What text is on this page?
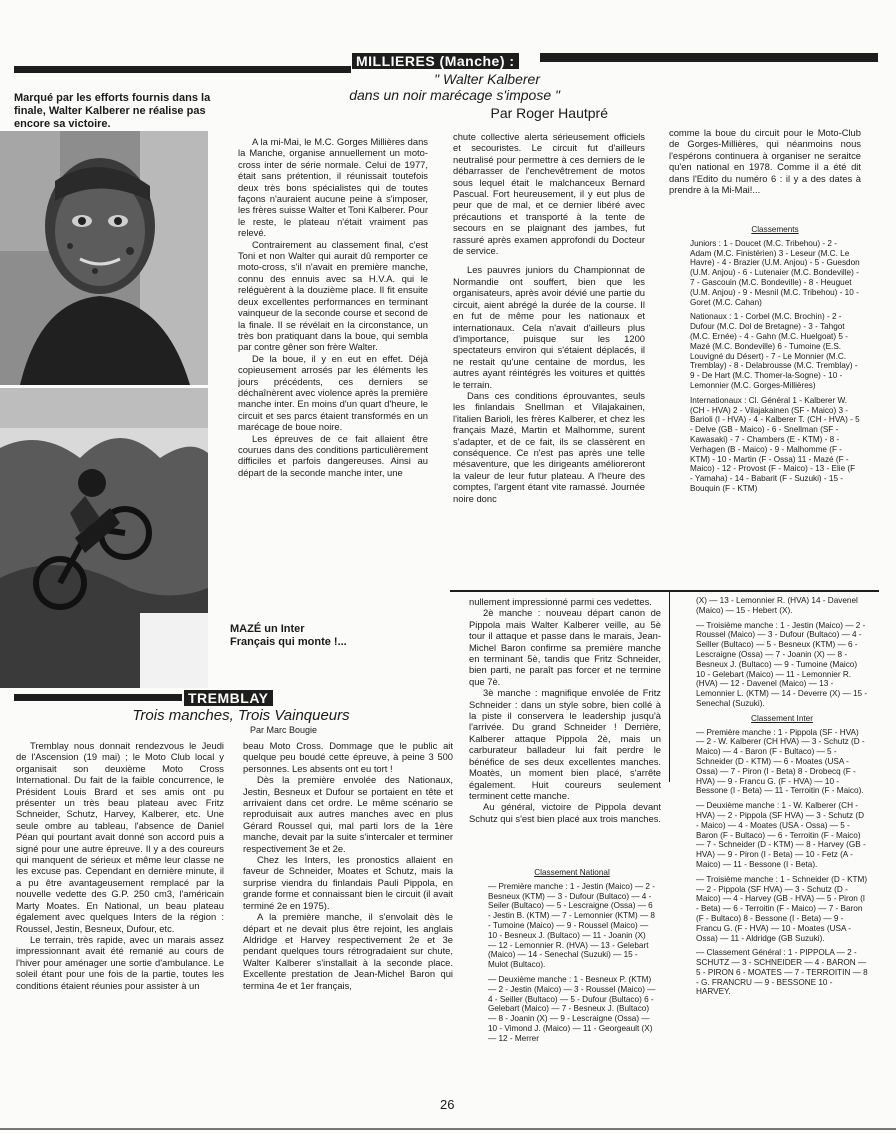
MILLIERES (Manche) :
" Walter Kalberer
dans un noir marécage s'impose "
Par Roger Hautpré
Marqué par les efforts fournis dans la finale, Walter Kalberer ne réalise pas encore sa victoire.
MAZÉ un Inter
Français qui monte !...

A la mi-Mai, le M.C. Gorges Millières dans la Manche, organise annuellement un moto-cross inter de série normale. Celui de 1977, était sans prétention, il réunissait toutefois deux très bons spécialistes qui de toutes façons n'auraient aucune peine à s'imposer, les frères suisse Walter et Toni Kalberer. Pour le reste, le plateau n'était vraiment pas relevé.

Contrairement au classement final, c'est Toni et non Walter qui aurait dû remporter ce moto-cross, s'il n'avait en première manche, connu des ennuis avec sa H.V.A. qui le reléguèrent à la douzième place. Il fit ensuite deux excellentes performances en terminant vainqueur de la seconde course et second de la finale. Il se révélait en la circonstance, un très bon pratiquant dans la boue, qui sembla par contre gêner son frère Walter.

De la boue, il y en eut en effet. Déjà copieusement arrosés par les éléments les jours précédents, ces derniers se déchaînèrent avec violence après la première manche inter. En moins d'un quart d'heure, le circuit et ses parcs étaient transformés en un marécage de boue noire.

Les épreuves de ce fait allaient être courues dans des conditions particulièrement difficiles et parfois dangereuses. Ainsi au départ de la seconde manche inter, une

chute collective alerta sérieusement officiels et secouristes. Le circuit fut d'ailleurs neutralisé pour permettre à ces derniers de le débarrasser de l'enchevêtrement de motos sous lequel était le malchanceux Bernard Pascual. Fort heureusement, il y eut plus de peur que de mal, et ce dernier libéré avec précautions et transporté à la tente de secours en se plaignant des jambes, fut rassuré après examen approfondi du Docteur de service.

Les pauvres juniors du Championnat de Normandie ont souffert, bien que les organisateurs, après avoir dévié une partie du circuit, aient abrégé la durée de la course. Il en fut de même pour les nationaux et internationaux. Cela n'avait d'ailleurs plus d'importance, puisque sur les 1200 spectateurs environ qui s'étaient déplacés, il ne restait qu'une centaine de mordus, les autres ayant réintégrés les voitures et quittés le terrain.

Dans ces conditions éprouvantes, seuls les finlandais Snellman et Vilajakainen, l'italien Barioli, les frères Kalberer, et chez les français Mazé, Martin et Malhomme, surent s'adapter, et de ce fait, ils se classèrent en conséquence. Ce n'est pas après une telle mésaventure, que les dirigeants amélioreront la valeur de leur futur plateau. A l'heure des comptes, l'argent étant vite ramassé. Journée noire donc

comme la boue du circuit pour le Moto-Club de Gorges-Millières, qui néanmoins nous l'espérons continuera à organiser ne seraitce qu'en national en 1978. Comme il a été dit dans l'Edito du numéro 6 : il y a des dates à prendre à la Mi-Mai!...

Classements

Juniors : 1 - Doucet (M.C. Tribehou) - 2 - Adam (M.C. Finistérien) 3 - Leseur (M.C. Le Havre) - 4 - Brazier (U.M. Anjou) - 5 - Guesdon (U.M. Anjou) - 6 - Lutenaier (M.C. Bondeville) - 7 - Gascouin (M.C. Bondeville) - 8 - Heuguet (U.M. Anjou) - 9 - Mesnil (M.C. Tribehou) - 10 - Goret (M.C. Cahan)

Nationaux : 1 - Corbel (M.C. Brochin) - 2 - Dufour (M.C. Dol de Bretagne) - 3 - Tahgot (M.C. Ernée) - 4 - Gahn (M.C. Huelgoat) 5 - Mazé (M.C. Bondeville) 6 - Tumoine (E.S. Louvigné du Désert) - 7 - Le Monnier (M.C. Tremblay) - 8 - Delabrousse (M.C. Tremblay) - 9 - De Hart (M.C. Thomer-la-Sogne) - 10 - Lemonnier (M.C. Gorges-Millières)

Internationaux : Cl. Général 1 - Kalberer W. (CH - HVA) 2 - Vilajakainen (SF - Maico) 3 - Barioli (I - HVA) - 4 - Kalberer T. (CH - HVA) - 5 - Delve (GB - Maico) - 6 - Snellman (SF - Kawasaki) - 7 - Chambers (E - KTM) - 8 - Verhagen (B - Maico) - 9 - Malhomme (F - KTM) - 10 - Martin (F - Ossa) 11 - Mazé (F - Maico) - 12 - Provost (F - Maico) - 13 - Elie (F - Yamaha) - 14 - Babarit (F - Suzuki) - 15 - Bouquin (F - KTM)

TREMBLAY
Trois manches, Trois Vainqueurs
Par Marc Bougie

Tremblay nous donnait rendezvous le Jeudi de l'Ascension (19 mai) ; le Moto Club local y organisait son deuxième Moto Cross International. Du fait de la faible concurrence, le Président Louis Brard et ses amis ont pu présenter un très beau plateau avec Fritz Schneider, Schutz, Harvey, Kalberer, etc. Une seule ombre au tableau, l'absence de Daniel Péan qui pourtant avait donné son accord puis a signé pour une autre épreuve. Il y a des coureurs qui manquent de sérieux et même leur classe ne les excuse pas. Cependant en dernière minute, il a pu être avantageusement remplacé par la nouvelle vedette des G.P. 250 cm3, l'américain Marty Moates. En National, un beau plateau également avec quelques Inters de la région : Roussel, Jestin, Besneux, Dufour, etc.

Le terrain, très rapide, avec un marais assez impressionnant avait été remanié au cours de l'hiver pour aménager une sortie d'ambulance. Le soleil étant pour une fois de la partie, toutes les conditions étaient réunies pour assister à un

beau Moto Cross. Dommage que le public ait quelque peu boudé cette épreuve, à peine 3 500 personnes. Les absents ont eu tort !

Dès la première envolée des Nationaux, Jestin, Besneux et Dufour se portaient en tête et arrivaient dans cet ordre. Le même scénario se reproduisait aux autres manches avec en plus Gérard Roussel qui, mal parti lors de la 1ère manche, devait par la suite s'intercaler et terminer respectivement 3e et 2e.

Chez les Inters, les pronostics allaient en faveur de Schneider, Moates et Schutz, mais la surprise viendra du finlandais Pauli Pippola, en grande forme et connaissant bien le circuit (il avait terminé 2e en 1975).

A la première manche, il s'envolait dès le départ et ne devait plus être rejoint, les anglais Aldridge et Harvey respectivement 2e et 3e pendant quelques tours rétrogradaient sur chute, Walter Kalberer s'installait à la seconde place. Excellente prestation de Jean-Michel Baron qui termina 4e et 1er français,

nullement impressionné parmi ces vedettes.

2è manche : nouveau départ canon de Pippola mais Walter Kalberer veille, au 5è tour il attaque et passe dans le marais, Jean-Michel Baron confirme sa première manche en terminant 5è, tandis que Fritz Schneider, bien parti, ne paraît pas forcer et ne termine que 7è.

3è manche : magnifique envolée de Fritz Schneider : dans un style sobre, bien collé à la piste il conservera le leadership jusqu'à l'arrivée. Du grand Schneider ! Derrière, Kalberer attaque Pippola 2è, mais un carburateur balladeur lui fait perdre le bénéfice de ses deux excellentes manches. Moatès, un moment bien placé, s'arrête également. Huit coureurs seulement terminent cette manche.

Au général, victoire de Pippola devant Schutz qui s'est bien placé aux trois manches.

Classement National

— Première manche : 1 - Jestin (Maico) — 2 - Besneux (KTM) — 3 - Dufour (Bultaco) — 4 - Seiler (Bultaco) — 5 - Lescraigne (Ossa) — 6 - Jestin B. (KTM) — 7 - Lemonnier (KTM) — 8 - Tumoine (Maico) — 9 - Roussel (Maico) — 10 - Besneux J. (Bultaco) — 11 - Joanin (X) — 12 - Lemonnier R. (HVA) — 13 - Gelebart (Maico) — 14 - Senechal (Suzuki) — 15 - Mulot (Bultaco).

— Deuxième manche : 1 - Besneux P. (KTM) — 2 - Jestin (Maico) — 3 - Roussel (Maico) — 4 - Seiller (Bultaco) — 5 - Dufour (Bultaco) 6 - Gelebart (Maico) — 7 - Besneux J. (Bultaco) — 8 - Joanin (X) — 9 - Lescraigne (Ossa) — 10 - Vimond J. (Maico) — 11 - Georgeault (X) — 12 - Merrer

(X) — 13 - Lemonnier R. (HVA) 14 - Davenel (Maico) — 15 - Hebert (X).

— Troisième manche : 1 - Jestin (Maico) — 2 - Roussel (Maico) — 3 - Dufour (Bultaco) — 4 - Seiller (Bultaco) — 5 - Besneux (KTM) — 6 - Lescraigne (Ossa) — 7 - Joanin (X) — 8 - Besneux J. (Bultaco) — 9 - Tumoine (Maico) 10 - Gelebart (Maico) — 11 - Lemonnier R. (HVA) — 12 - Davenel (Maico) — 13 - Lemonnier L. (KTM) — 14 - Deverre (X) — 15 - Senechal (Suzuki).

Classement Inter

— Première manche : 1 - Pippola (SF - HVA) — 2 - W. Kalberer (CH HVA) — 3 - Schutz (D - Maico) — 4 - Baron (F - Bultaco) — 5 - Schneider (D - KTM) — 6 - Moates (USA - Ossa) — 7 - Piron (I - Beta) 8 - Drobecq (F - HVA) — 9 - Francu G. (F - HVA) — 10 - Bessone (I - Beta) — 11 - Terroitin (F - Maico).

— Deuxième manche : 1 - W. Kalberer (CH - HVA) — 2 - Pippola (SF HVA) — 3 - Schutz (D - Maico) — 4 - Moates (USA - Ossa) — 5 - Baron (F - Bultaco) — 6 - Terroitin (F - Maico) — 7 - Schneider (D - KTM) — 8 - Harvey (GB - HVA) — 9 - Piron (I - Beta) — 10 - Fetz (A - Maico) — 11 - Bessone (I - Beta).

— Troisième manche : 1 - Schneider (D - KTM) — 2 - Pippola (SF HVA) — 3 - Schutz (D - Maico) — 4 - Harvey (GB - HVA) — 5 - Piron (I - Beta) — 6 - Terroitin (F - Maico) — 7 - Baron (F - Bultaco) 8 - Bessone (I - Beta) — 9 - Francu G. (F - HVA) — 10 - Moates (USA - Ossa) — 11 - Aldridge (GB Suzuki).

— Classement Général : 1 - PIPPOLA — 2 - SCHUTZ — 3 - SCHNEIDER — 4 - BARON — 5 - PIRON 6 - MOATES — 7 - TERROITIN — 8 - G. FRANCRU — 9 - BESSONE 10 - HARVEY.

26
